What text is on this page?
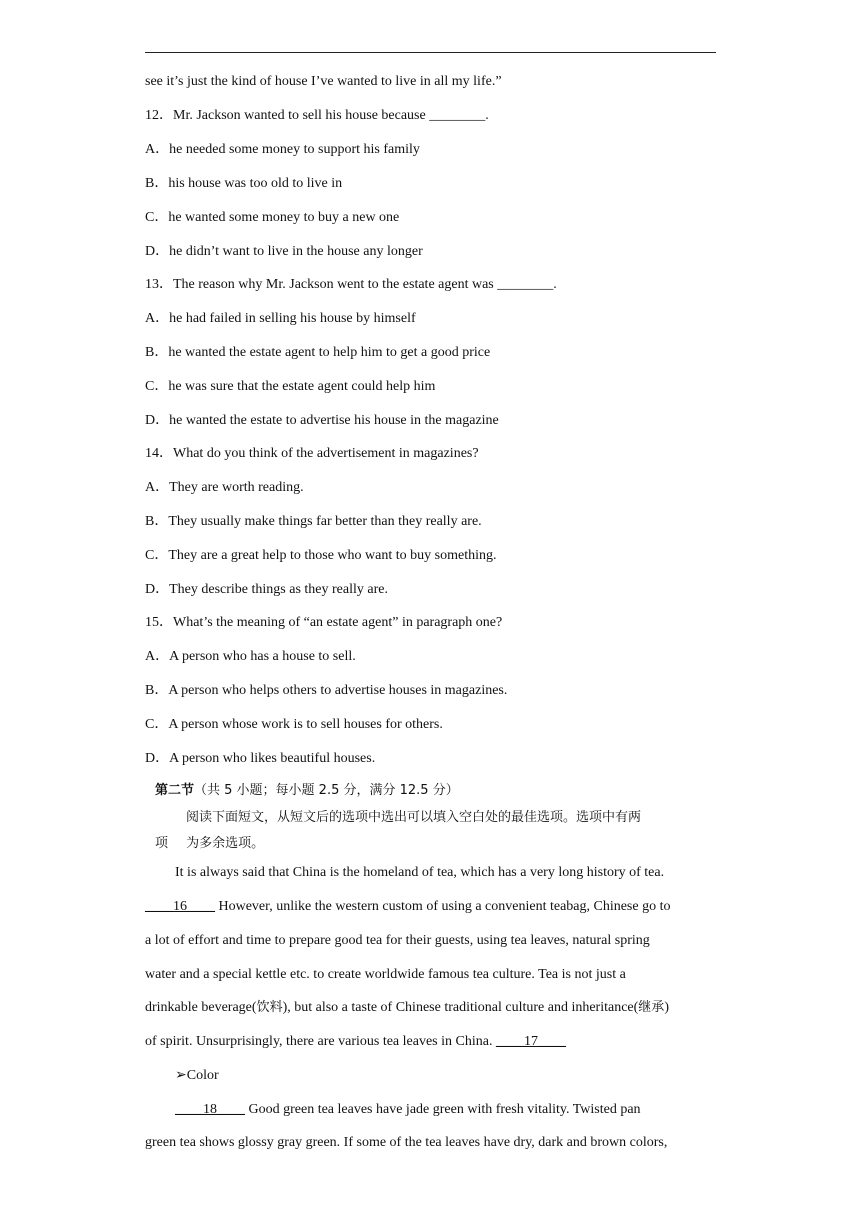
see it’s just the kind of house I’ve wanted to live in all my life.”
12．Mr. Jackson wanted to sell his house because ________.
A．he needed some money to support his family
B．his house was too old to live in
C．he wanted some money to buy a new one
D．he didn’t want to live in the house any longer
13．The reason why Mr. Jackson went to the estate agent was ________.
A．he had failed in selling his house by himself
B．he wanted the estate agent to help him to get a good price
C．he was sure that the estate agent could help him
D．he wanted the estate to advertise his house in the magazine
14．What do you think of the advertisement in magazines?
A．They are worth reading.
B．They usually make things far better than they really are.
C．They are a great help to those who want to buy something.
D．They describe things as they really are.
15．What’s the meaning of “an estate agent” in paragraph one?
A．A person who has a house to sell.
B．A person who helps others to advertise houses in magazines.
C．A person whose work is to sell houses for others.
D．A person who likes beautiful houses.
第二节（共 5 小题；每小题 2.5 分，满分 12.5 分）
阅读下面短文，从短文后的选项中选出可以填入空白处的最佳选项。选项中有两
项 为多余选项。
It is always said that China is the homeland of tea, which has a very long history of tea.
____16____ However, unlike the western custom of using a convenient teabag, Chinese go to
a lot of effort and time to prepare good tea for their guests, using tea leaves, natural spring
water and a special kettle etc. to create worldwide famous tea culture. Tea is not just a
drinkable beverage(饮料), but also a taste of Chinese traditional culture and inheritance(继承)
of spirit. Unsurprisingly, there are various tea leaves in China. ____17____
➢Color
____18____ Good green tea leaves have jade green with fresh vitality. Twisted pan
green tea shows glossy gray green. If some of the tea leaves have dry, dark and brown colors,
